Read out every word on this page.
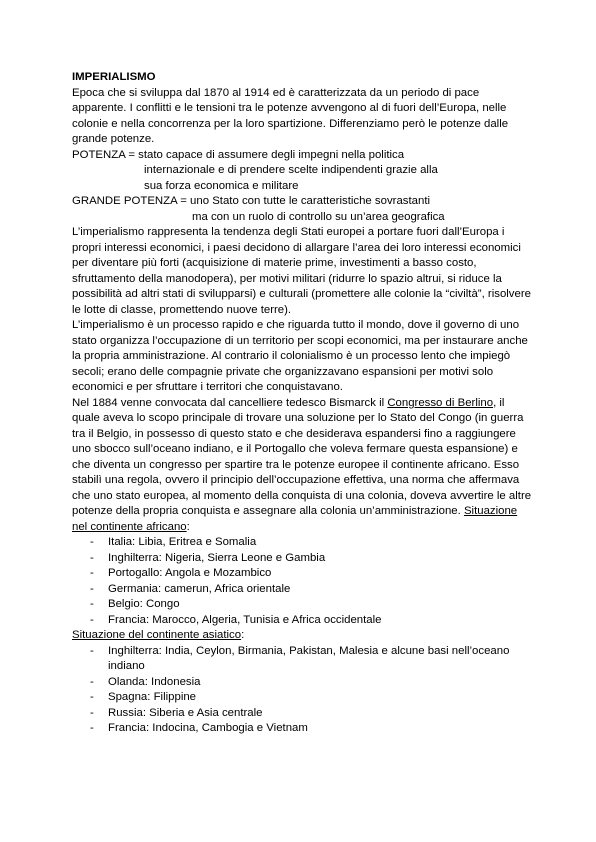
IMPERIALISMO

Epoca che si sviluppa dal 1870 al 1914 ed è caratterizzata da un periodo di pace apparente. I conflitti e le tensioni tra le potenze avvengono al di fuori dell’Europa, nelle colonie e nella concorrenza per la loro spartizione. Differenziamo però le potenze dalle grande potenze.

POTENZA = stato capace di assumere degli impegni nella politica

internazionale e di prendere scelte indipendenti grazie alla

sua forza economica e militare

GRANDE POTENZA = uno Stato con tutte le caratteristiche sovrastanti

ma con un ruolo di controllo su un’area geografica

L’imperialismo rappresenta la tendenza degli Stati europei a portare fuori dall’Europa i propri interessi economici, i paesi decidono di allargare l’area dei loro interessi economici per diventare più forti (acquisizione di materie prime, investimenti a basso costo, sfruttamento della manodopera), per motivi militari (ridurre lo spazio altrui, si riduce la possibilità ad altri stati di svilupparsi) e culturali (promettere alle colonie la “civiltà”, risolvere le lotte di classe, promettendo nuove terre).

L’imperialismo è un processo rapido e che riguarda tutto il mondo, dove il governo di uno stato organizza l’occupazione di un territorio per scopi economici, ma per instaurare anche la propria amministrazione. Al contrario il colonialismo è un processo lento che impiegò secoli; erano delle compagnie private che organizzavano espansioni per motivi solo economici e per sfruttare i territori che conquistavano.

Nel 1884 venne convocata dal cancelliere tedesco Bismarck il Congresso di Berlino, il quale aveva lo scopo principale di trovare una soluzione per lo Stato del Congo (in guerra tra il Belgio, in possesso di questo stato e che desiderava espandersi fino a raggiungere uno sbocco sull’oceano indiano, e il Portogallo che voleva fermare questa espansione) e che diventa un congresso per spartire tra le potenze europee il continente africano. Esso stabilì una regola, ovvero il principio dell’occupazione effettiva, una norma che affermava che uno stato europea, al momento della conquista di una colonia, doveva avvertire le altre potenze della propria conquista e assegnare alla colonia un’amministrazione. Situazione nel continente africano:

- Italia: Libia, Eritrea e Somalia
- Inghilterra: Nigeria, Sierra Leone e Gambia
- Portogallo: Angola e Mozambico
- Germania: camerun, Africa orientale
- Belgio: Congo
- Francia: Marocco, Algeria, Tunisia e Africa occidentale

Situazione del continente asiatico:

- Inghilterra: India, Ceylon, Birmania, Pakistan, Malesia e alcune basi nell’oceano indiano
- Olanda: Indonesia
- Spagna: Filippine
- Russia: Siberia e Asia centrale
- Francia: Indocina, Cambogia e Vietnam
